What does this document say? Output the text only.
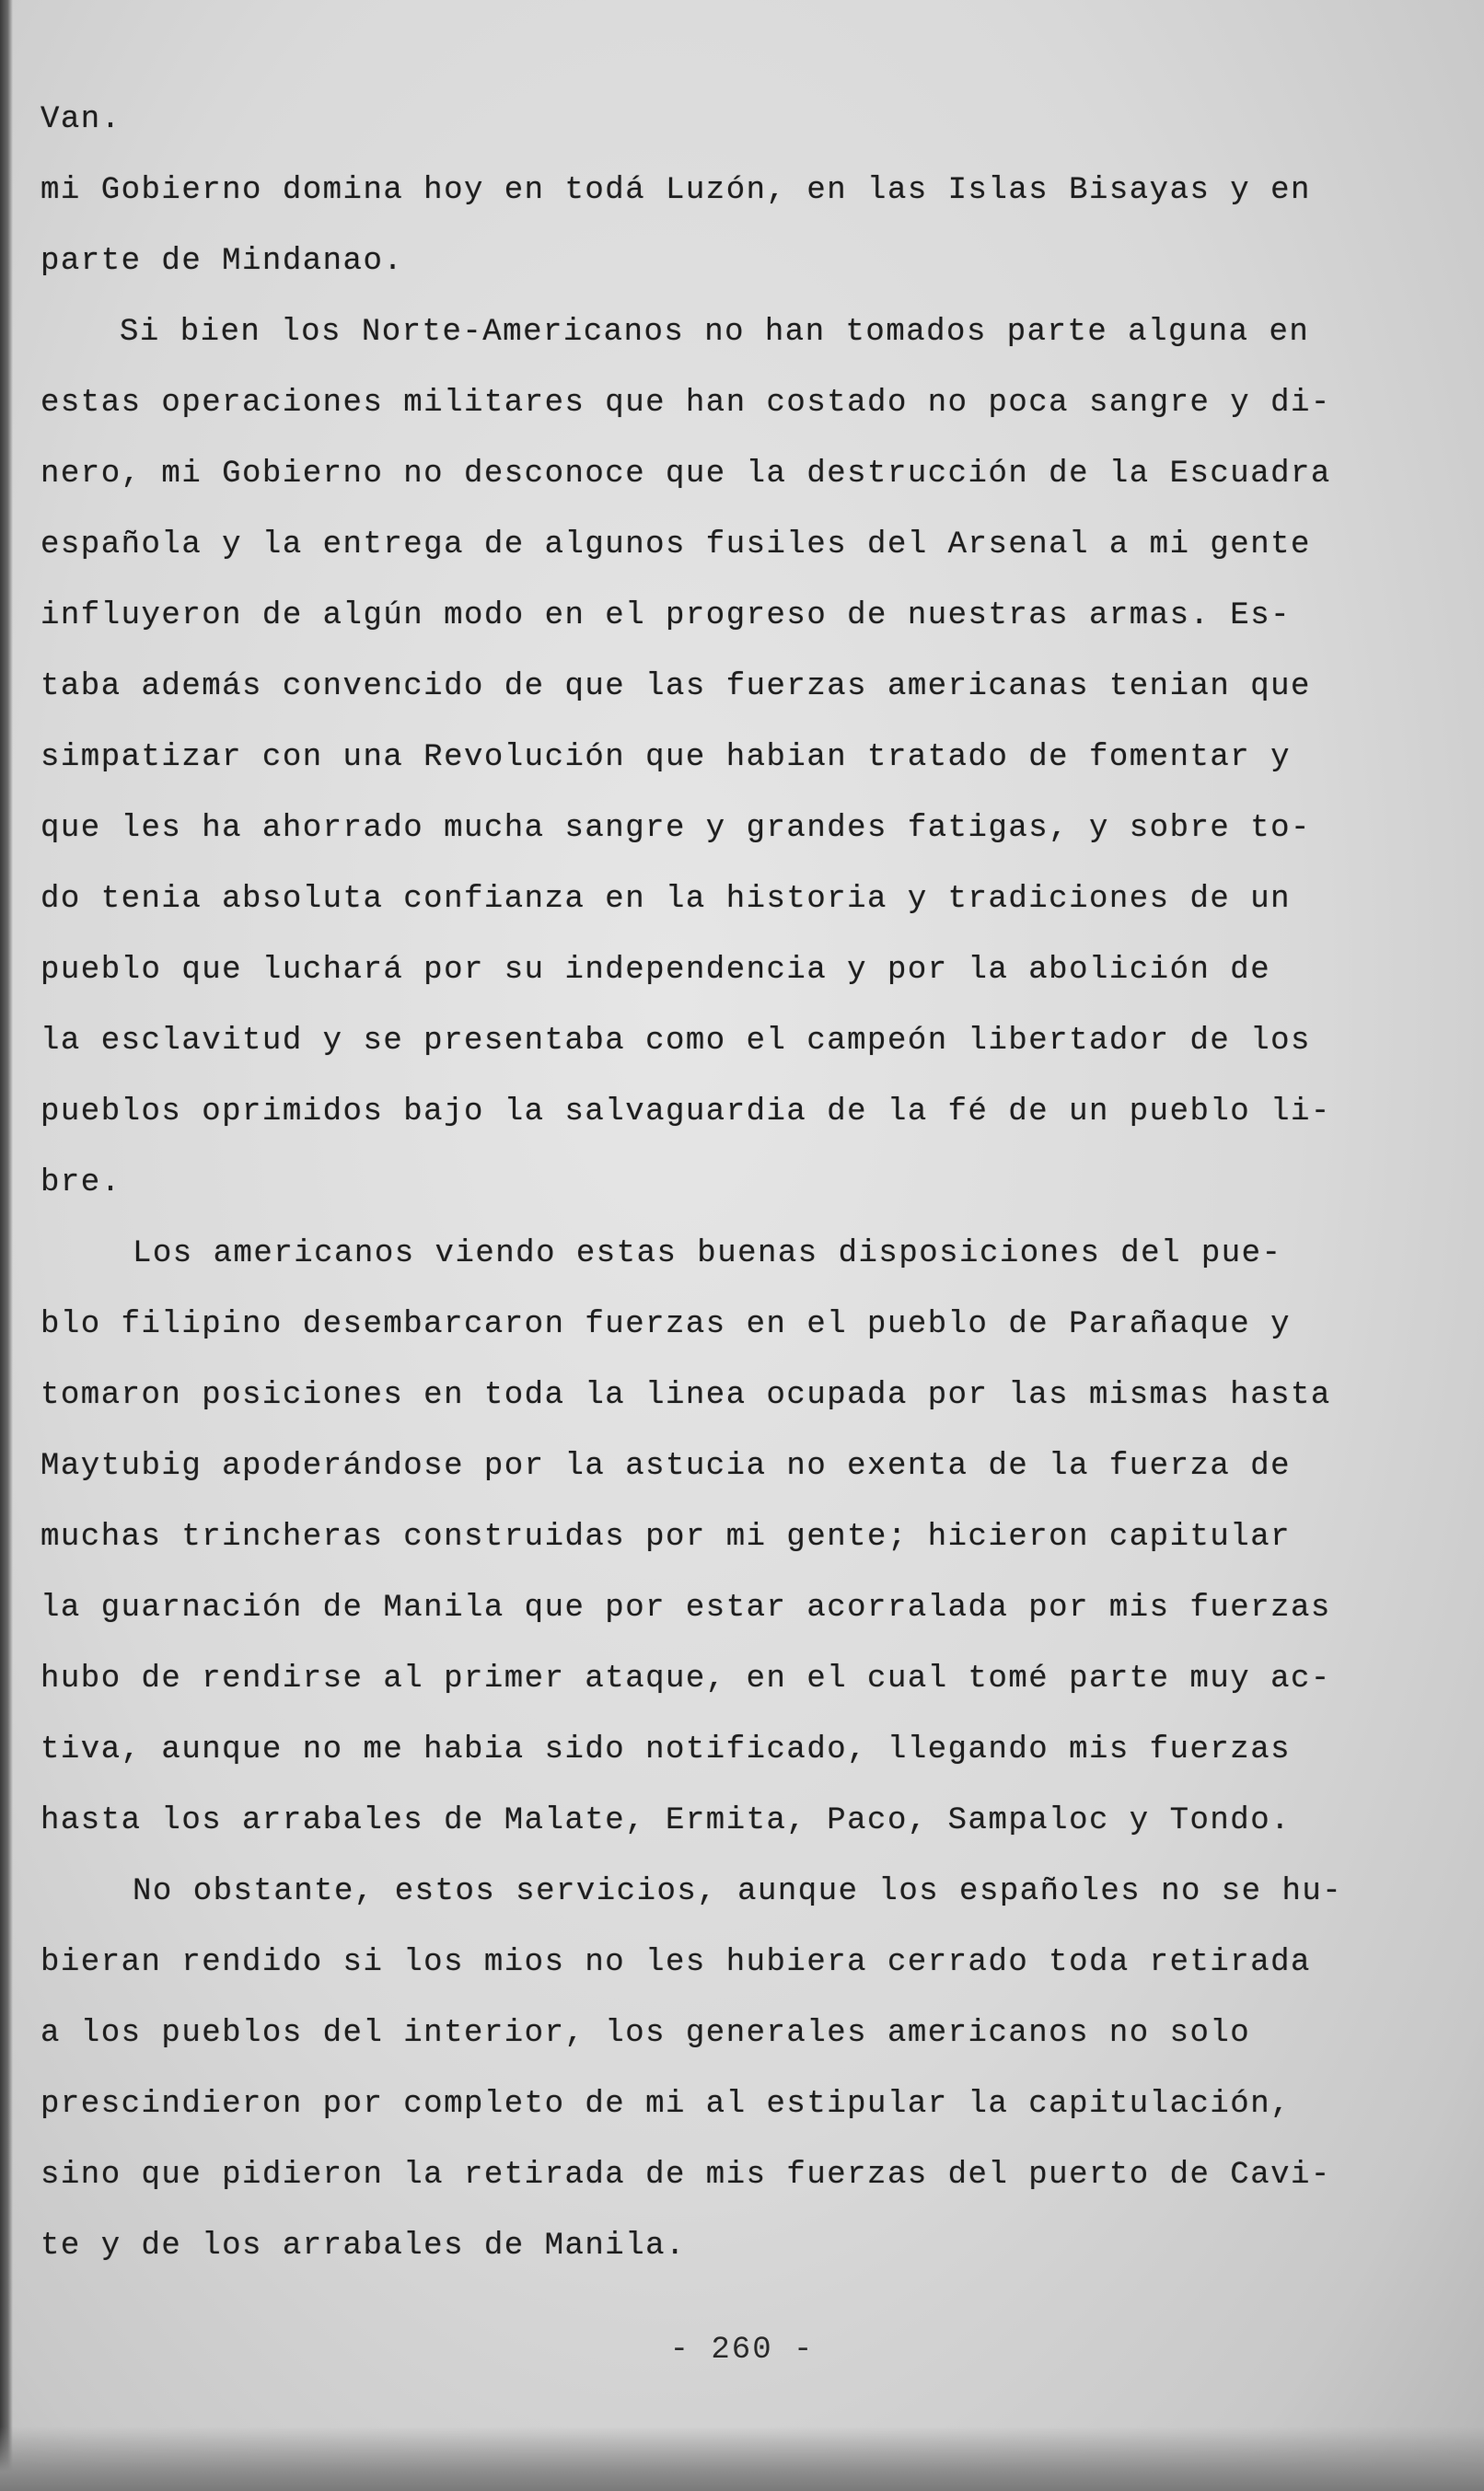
Van.
mi Gobierno domina hoy en todá Luzón, en las Islas Bisayas y en
parte de Mindanao.
Si bien los Norte-Americanos no han tomados parte alguna en
estas operaciones militares que han costado no poca sangre y di-
nero, mi Gobierno no desconoce que la destrucción de la Escuadra
española y la entrega de algunos fusiles del Arsenal a mi gente
influyeron de algún modo en el progreso de nuestras armas. Es-
taba además convencido de que las fuerzas americanas tenian que
simpatizar con una Revolución que habian tratado de fomentar y
que les ha ahorrado mucha sangre y grandes fatigas, y sobre to-
do tenia absoluta confianza en la historia y tradiciones de un
pueblo que luchará por su independencia y por la abolición de
la esclavitud y se presentaba como el campeón libertador de los
pueblos oprimidos bajo la salvaguardia de la fé de un pueblo li-
bre.
Los americanos viendo estas buenas disposiciones del pue-
blo filipino desembarcaron fuerzas en el pueblo de Parañaque y
tomaron posiciones en toda la linea ocupada por las mismas hasta
Maytubig apoderándose por la astucia no exenta de la fuerza de
muchas trincheras construidas por mi gente; hicieron capitular
la guarnación de Manila que por estar acorralada por mis fuerzas
hubo de rendirse al primer ataque, en el cual tomé parte muy ac-
tiva, aunque no me habia sido notificado, llegando mis fuerzas
hasta los arrabales de Malate, Ermita, Paco, Sampaloc y Tondo.
No obstante, estos servicios, aunque los españoles no se hu-
bieran rendido si los mios no les hubiera cerrado toda retirada
a los pueblos del interior, los generales americanos no solo
prescindieron por completo de mi al estipular la capitulación,
sino que pidieron la retirada de mis fuerzas del puerto de Cavi-
te y de los arrabales de Manila.
- 260 -
